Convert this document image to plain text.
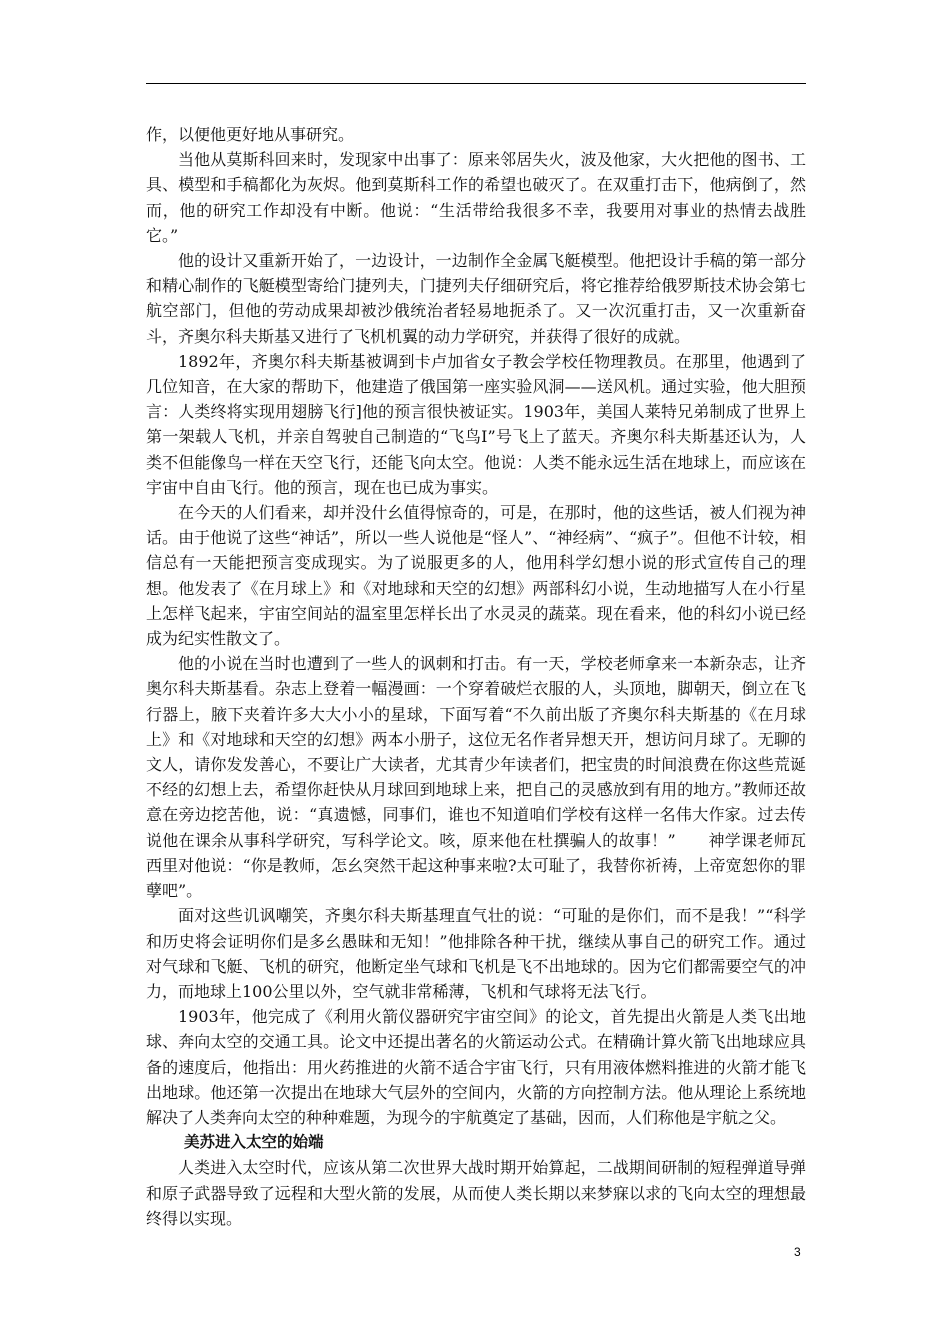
作，以便他更好地从事研究。

当他从莫斯科回来时，发现家中出事了：原来邻居失火，波及他家，大火把他的图书、工具、模型和手稿都化为灰烬。他到莫斯科工作的希望也破灭了。在双重打击下，他病倒了，然而，他的研究工作却没有中断。他说：“生活带给我很多不幸，我要用对事业的热情去战胜它。”

他的设计又重新开始了，一边设计，一边制作全金属飞艇模型。他把设计手稿的第一部分和精心制作的飞艇模型寄给门捷列夫，门捷列夫仔细研究后，将它推荐给俄罗斯技术协会第七航空部门，但他的劳动成果却被沙俄统治者轻易地扼杀了。又一次沉重打击，又一次重新奋斗，齐奥尔科夫斯基又进行了飞机机翼的动力学研究，并获得了很好的成就。

1892年，齐奥尔科夫斯基被调到卡卢加省女子教会学校任物理教员。在那里，他遇到了几位知音，在大家的帮助下，他建造了俄国第一座实验风洞——送风机。通过实验，他大胆预言：人类终将实现用翅膀飞行]他的预言很快被证实。1903年，美国人莱特兄弟制成了世界上第一架载人飞机，并亲自驾驶自己制造的“飞鸟I”号飞上了蓝天。齐奥尔科夫斯基还认为，人类不但能像鸟一样在天空飞行，还能飞向太空。他说：人类不能永远生活在地球上，而应该在宇宙中自由飞行。他的预言，现在也已成为事实。

在今天的人们看来，却并没什幺值得惊奇的，可是，在那时，他的这些话，被人们视为神话。由于他说了这些“神话”，所以一些人说他是“怪人”、“神经病”、“疯子”。但他不计较，相信总有一天能把预言变成现实。为了说服更多的人，他用科学幻想小说的形式宣传自己的理想。他发表了《在月球上》和《对地球和天空的幻想》两部科幻小说，生动地描写人在小行星上怎样飞起来，宇宙空间站的温室里怎样长出了水灵灵的蔬菜。现在看来，他的科幻小说已经成为纪实性散文了。

他的小说在当时也遭到了一些人的讽刺和打击。有一天，学校老师拿来一本新杂志，让齐奥尔科夫斯基看。杂志上登着一幅漫画：一个穿着破烂衣服的人，头顶地，脚朝天，倒立在飞行器上，腋下夹着许多大大小小的星球，下面写着“不久前出版了齐奥尔科夫斯基的《在月球上》和《对地球和天空的幻想》两本小册子，这位无名作者异想天开，想访问月球了。无聊的文人，请你发发善心，不要让广大读者，尤其青少年读者们，把宝贵的时间浪费在你这些荒诞不经的幻想上去，希望你赶快从月球回到地球上来，把自己的灵感放到有用的地方。”教师还故意在旁边挖苦他，说：“真遗憾，同事们，谁也不知道咱们学校有这样一名伟大作家。过去传说他在课余从事科学研究，写科学论文。咳，原来他在杜撰骗人的故事！”　　神学课老师瓦西里对他说：“你是教师，怎幺突然干起这种事来啦?太可耻了，我替你祈祷，上帝宽恕你的罪孽吧”。

面对这些讥讽嘲笑，齐奥尔科夫斯基理直气壮的说：“可耻的是你们，而不是我！”“科学和历史将会证明你们是多幺愚昧和无知！”他排除各种干扰，继续从事自己的研究工作。通过对气球和飞艇、飞机的研究，他断定坐气球和飞机是飞不出地球的。因为它们都需要空气的冲力，而地球上100公里以外，空气就非常稀薄，飞机和气球将无法飞行。

1903年，他完成了《利用火箭仪器研究宇宙空间》的论文，首先提出火箭是人类飞出地球、奔向太空的交通工具。论文中还提出著名的火箭运动公式。在精确计算火箭飞出地球应具备的速度后，他指出：用火药推进的火箭不适合宇宙飞行，只有用液体燃料推进的火箭才能飞出地球。他还第一次提出在地球大气层外的空间内，火箭的方向控制方法。他从理论上系统地解决了人类奔向太空的种种难题，为现今的宇航奠定了基础，因而，人们称他是宇航之父。

美苏进入太空的始端

人类进入太空时代，应该从第二次世界大战时期开始算起，二战期间研制的短程弹道导弹和原子武器导致了远程和大型火箭的发展，从而使人类长期以来梦寐以求的飞向太空的理想最终得以实现。

3
